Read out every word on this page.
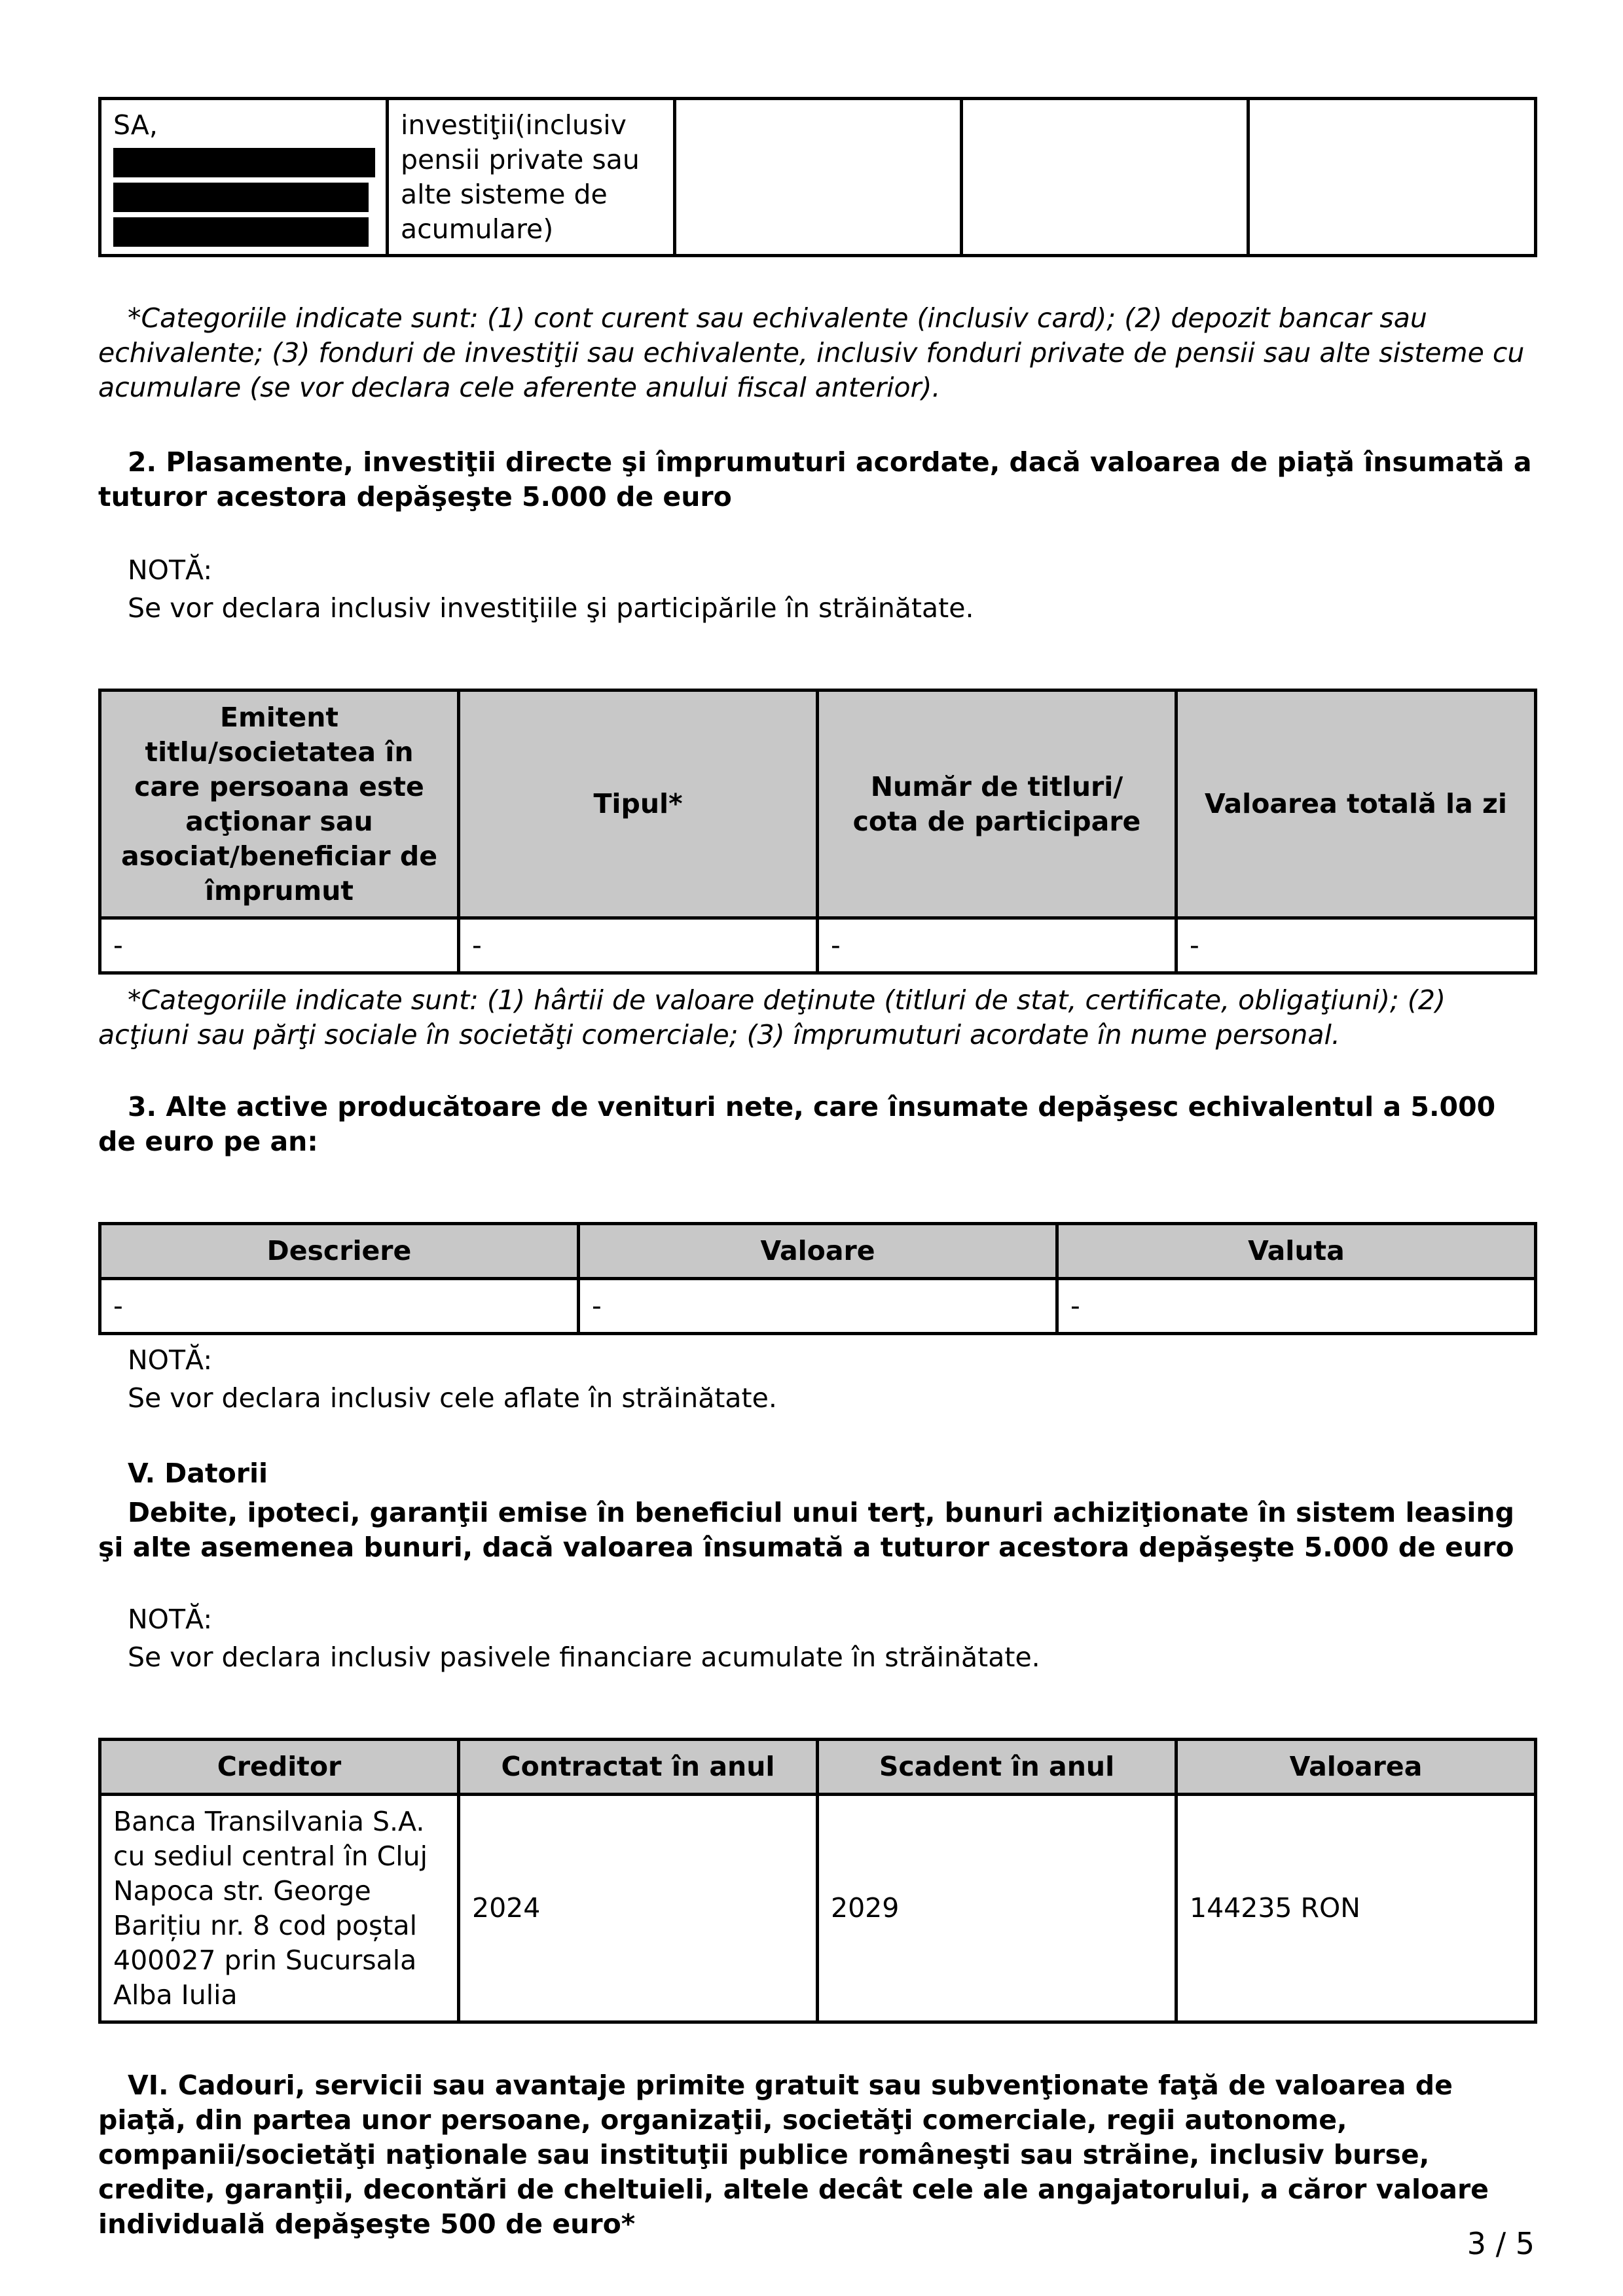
SA,	investiţii(inclusiv pensii private sau alte sisteme de acumulare)			
*Categoriile indicate sunt: (1) cont curent sau echivalente (inclusiv card); (2) depozit bancar sau echivalente; (3) fonduri de investiţii sau echivalente, inclusiv fonduri private de pensii sau alte sisteme cu acumulare (se vor declara cele aferente anului fiscal anterior).
2. Plasamente, investiţii directe şi împrumuturi acordate, dacă valoarea de piaţă însumată a tuturor acestora depăşeşte 5.000 de euro
NOTĂ:
Se vor declara inclusiv investiţiile şi participările în străinătate.
Emitent titlu/societatea în care persoana este acţionar sau asociat/beneficiar de împrumut	Tipul*	Număr de titluri/ cota de participare	Valoarea totală la zi
-	-	-	-
*Categoriile indicate sunt: (1) hârtii de valoare deţinute (titluri de stat, certificate, obligaţiuni); (2) acţiuni sau părţi sociale în societăţi comerciale; (3) împrumuturi acordate în nume personal.
3. Alte active producătoare de venituri nete, care însumate depăşesc echivalentul a 5.000 de euro pe an:
Descriere	Valoare	Valuta
-	-	-
NOTĂ:
Se vor declara inclusiv cele aflate în străinătate.
V. Datorii
Debite, ipoteci, garanţii emise în beneficiul unui terţ, bunuri achiziţionate în sistem leasing şi alte asemenea bunuri, dacă valoarea însumată a tuturor acestora depăşeşte 5.000 de euro
NOTĂ:
Se vor declara inclusiv pasivele financiare acumulate în străinătate.
Creditor	Contractat în anul	Scadent în anul	Valoarea
Banca Transilvania S.A. cu sediul central în Cluj Napoca str. George Barițiu nr. 8 cod poștal 400027 prin Sucursala Alba Iulia	2024	2029	144235 RON
VI. Cadouri, servicii sau avantaje primite gratuit sau subvenţionate faţă de valoarea de piaţă, din partea unor persoane, organizaţii, societăţi comerciale, regii autonome, companii/societăţi naţionale sau instituţii publice româneşti sau străine, inclusiv burse, credite, garanţii, decontări de cheltuieli, altele decât cele ale angajatorului, a căror valoare individuală depăşeşte 500 de euro*
3 / 5
